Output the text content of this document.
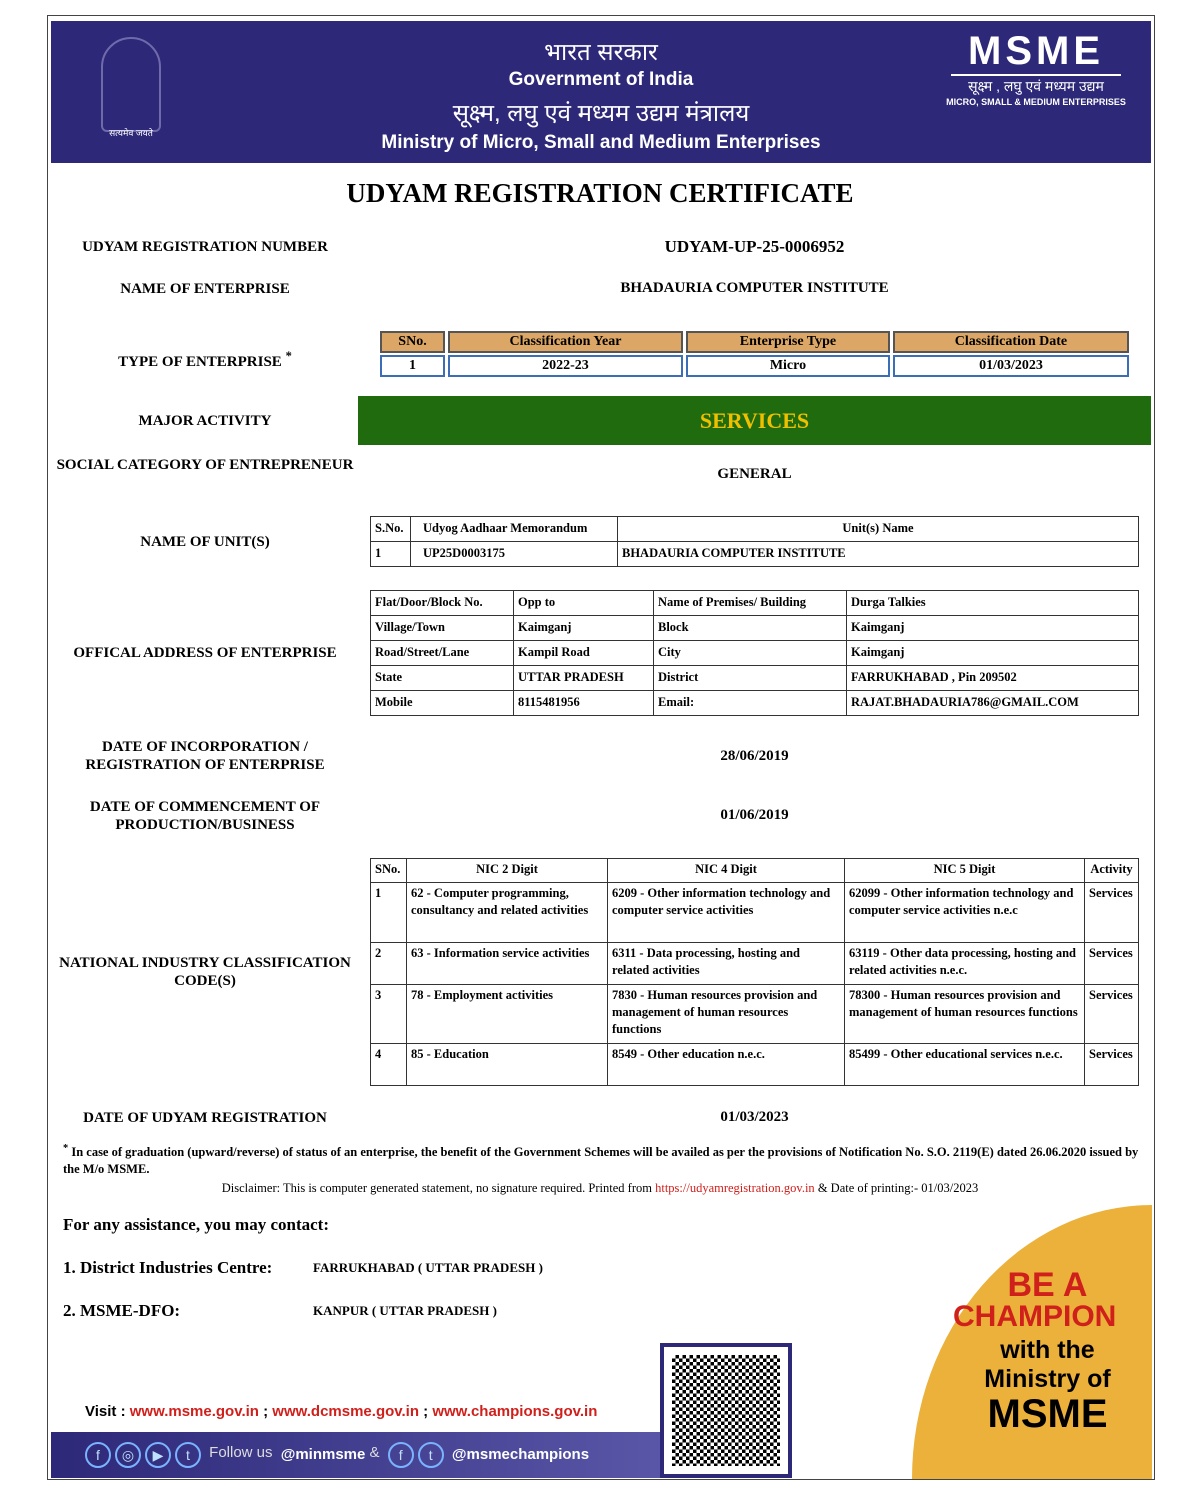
सत्यमेव जयते
भारत सरकार
Government of India
सूक्ष्म, लघु एवं मध्यम उद्यम मंत्रालय
Ministry of Micro, Small and Medium Enterprises
MSME
सूक्ष्म , लघु एवं मध्यम उद्यम
MICRO, SMALL & MEDIUM ENTERPRISES
UDYAM REGISTRATION CERTIFICATE
UDYAM REGISTRATION NUMBER	UDYAM-UP-25-0006952
NAME OF ENTERPRISE	BHADAURIA COMPUTER INSTITUTE
TYPE OF ENTERPRISE *
SNo.	Classification Year	Enterprise Type	Classification Date
1	2022-23	Micro	01/03/2023
MAJOR ACTIVITY	SERVICES
SOCIAL CATEGORY OF ENTREPRENEUR
GENERAL
NAME OF UNIT(S)
S.No.	Udyog Aadhaar Memorandum	Unit(s) Name
1	UP25D0003175	BHADAURIA COMPUTER INSTITUTE
OFFICAL ADDRESS OF ENTERPRISE
Flat/Door/Block No.	Opp to	Name of Premises/ Building	Durga Talkies
Village/Town	Kaimganj	Block	Kaimganj
Road/Street/Lane	Kampil Road	City	Kaimganj
State	UTTAR PRADESH	District	FARRUKHABAD , Pin 209502
Mobile	8115481956	Email:	RAJAT.BHADAURIA786@GMAIL.COM
DATE OF INCORPORATION / REGISTRATION OF ENTERPRISE
28/06/2019
DATE OF COMMENCEMENT OF PRODUCTION/BUSINESS
01/06/2019
NATIONAL INDUSTRY CLASSIFICATION CODE(S)
SNo.	NIC 2 Digit	NIC 4 Digit	NIC 5 Digit	Activity
1	62 - Computer programming, consultancy and related activities	6209 - Other information technology and computer service activities	62099 - Other information technology and computer service activities n.e.c	Services
2	63 - Information service activities	6311 - Data processing, hosting and related activities	63119 - Other data processing, hosting and related activities n.e.c.	Services
3	78 - Employment activities	7830 - Human resources provision and management of human resources functions	78300 - Human resources provision and management of human resources functions	Services
4	85 - Education	8549 - Other education n.e.c.	85499 - Other educational services n.e.c.	Services
DATE OF UDYAM REGISTRATION	01/03/2023
* In case of graduation (upward/reverse) of status of an enterprise, the benefit of the Government Schemes will be availed as per the provisions of Notification No. S.O. 2119(E) dated 26.06.2020 issued by the M/o MSME.
Disclaimer: This is computer generated statement, no signature required. Printed from https://udyamregistration.gov.in & Date of printing:- 01/03/2023
For any assistance, you may contact:
1. District Industries Centre:	FARRUKHABAD ( UTTAR PRADESH )
2. MSME-DFO:	KANPUR ( UTTAR PRADESH )
BE A
CHAMPION
with the
Ministry of
MSME
Visit : www.msme.gov.in ; www.dcmsme.gov.in ; www.champions.gov.in
f ◎ ▶ t Follow us @minmsme & f t @msmechampions
